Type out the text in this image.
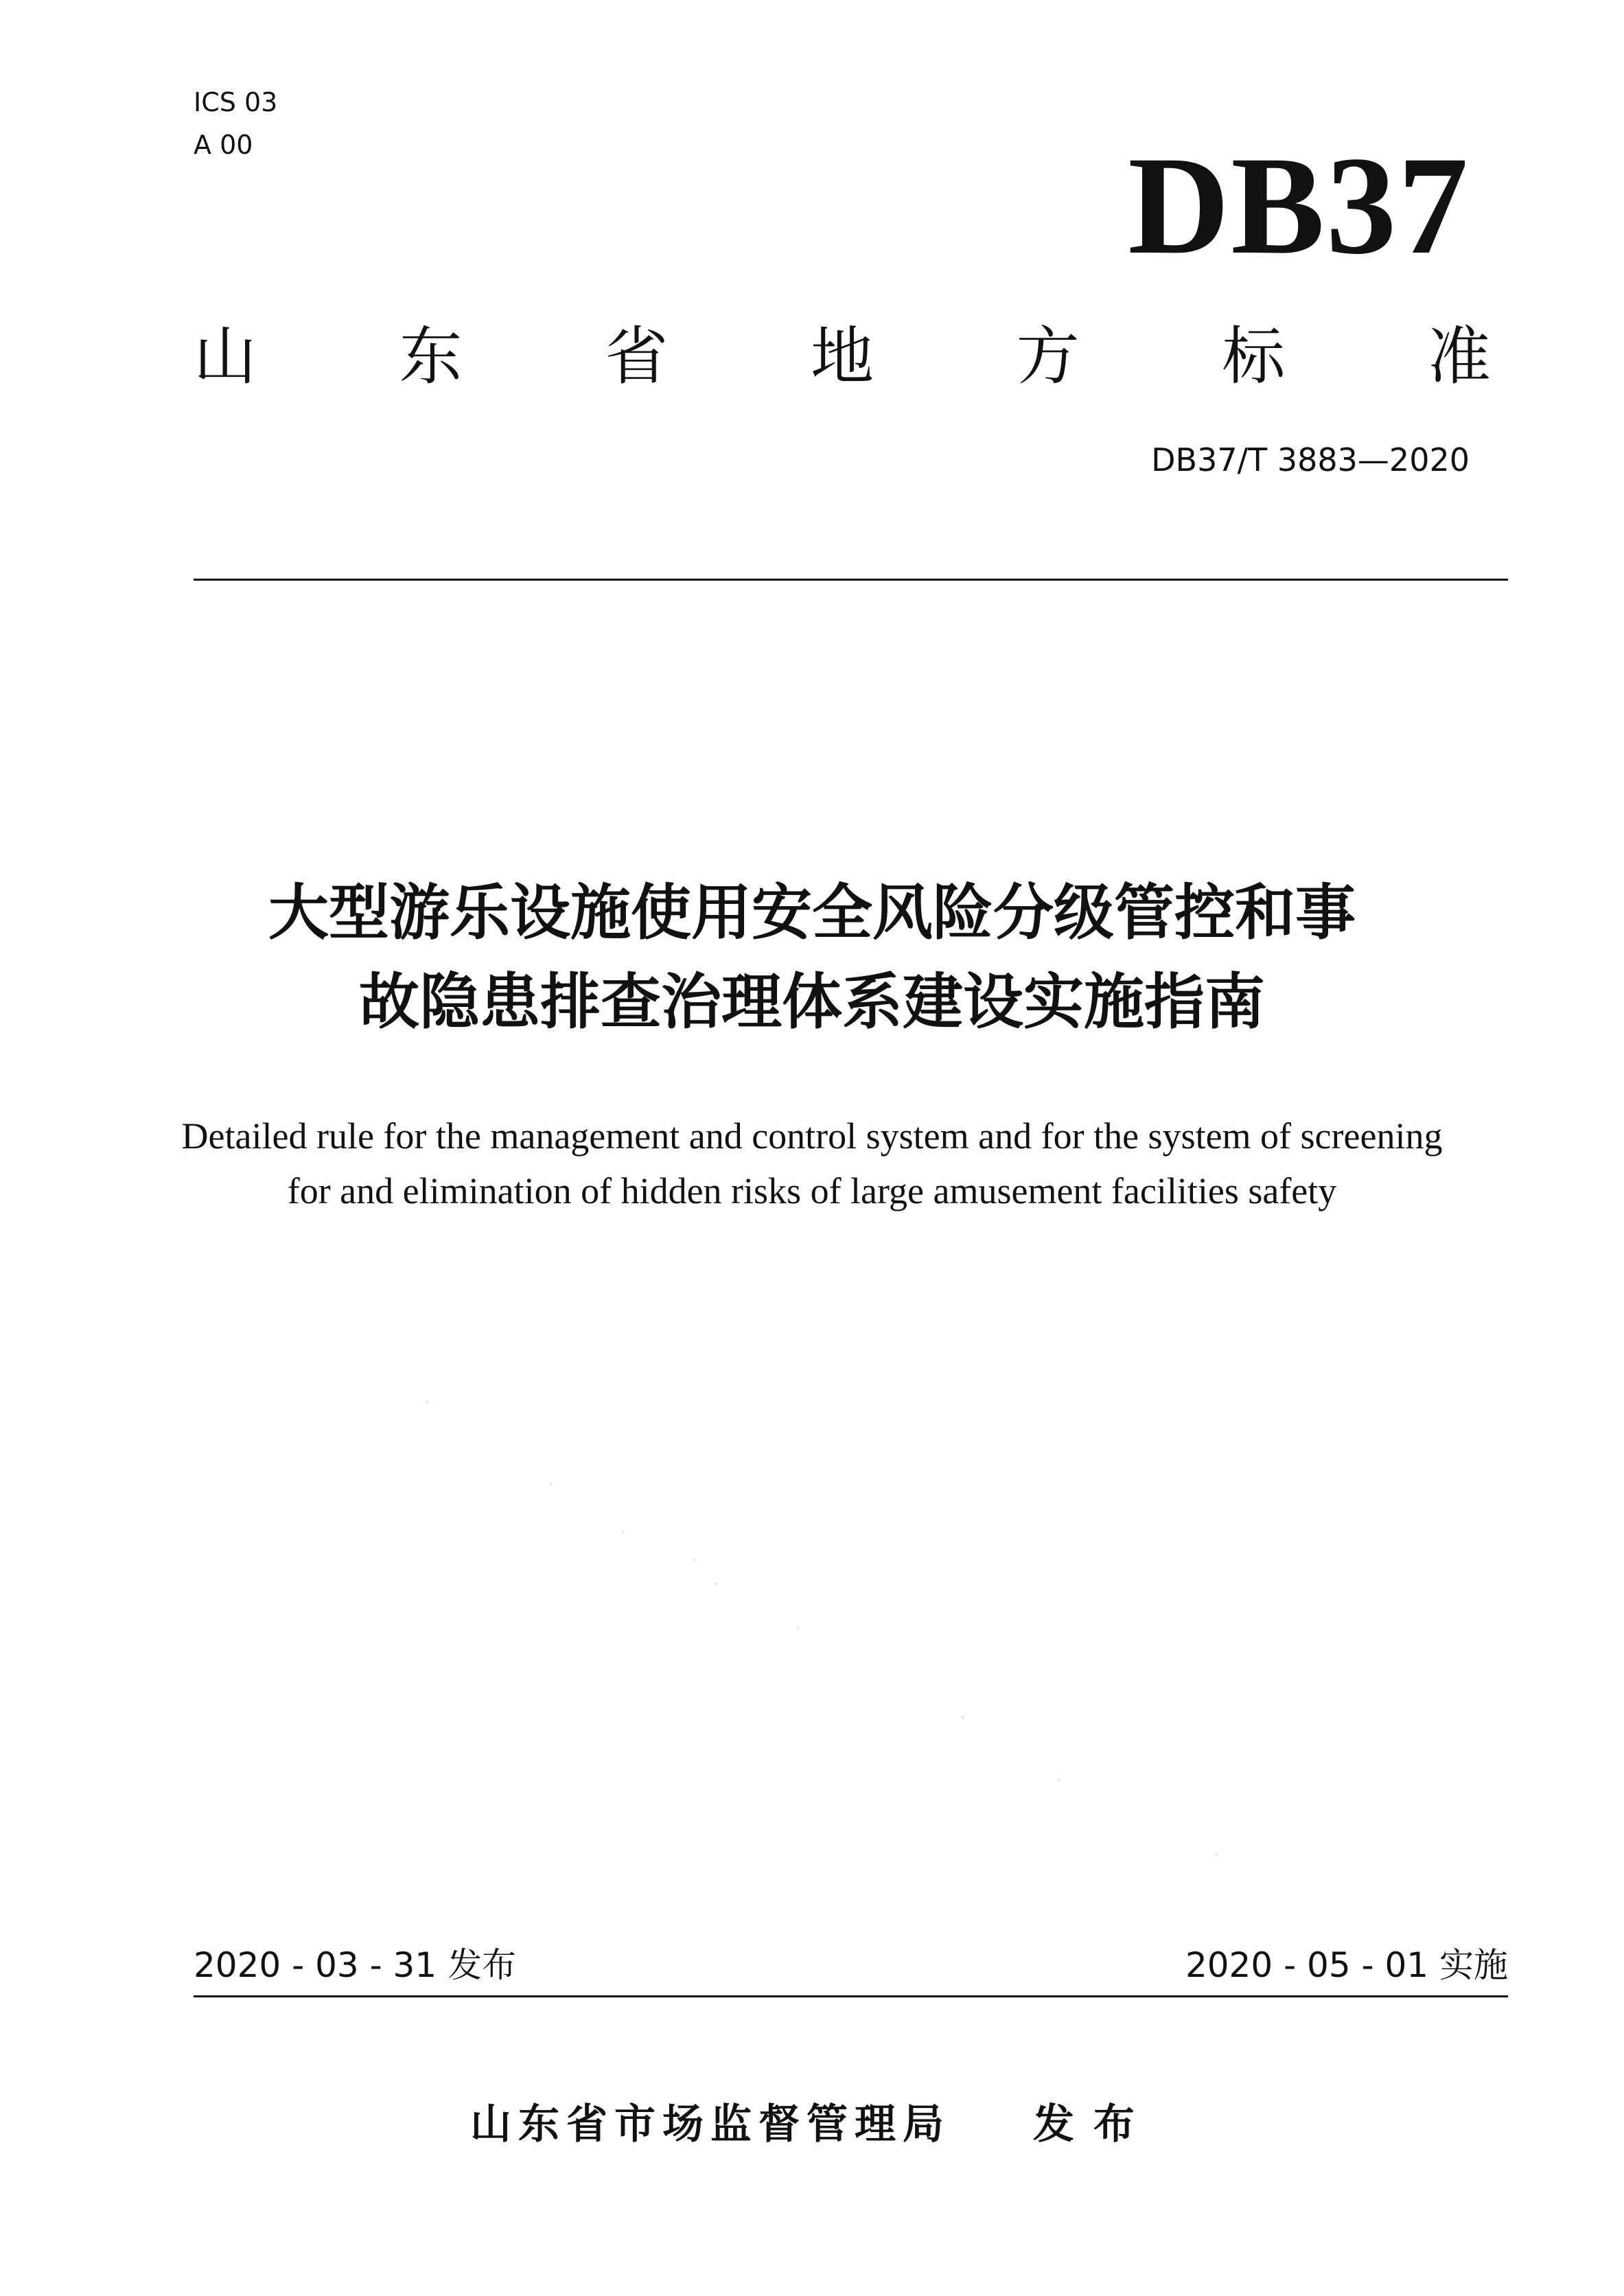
ICS 03
A 00	DB37
山 东 省 地 方 标 准
DB37/T 3883—2020
大型游乐设施使用安全风险分级管控和事
故隐患排查治理体系建设实施指南
Detailed rule for the management and control system and for the system of screening
for and elimination of hidden risks of large amusement facilities safety
2020 - 03 - 31 发布	2020 - 05 - 01 实施
山东省市场监督管理局 发布
